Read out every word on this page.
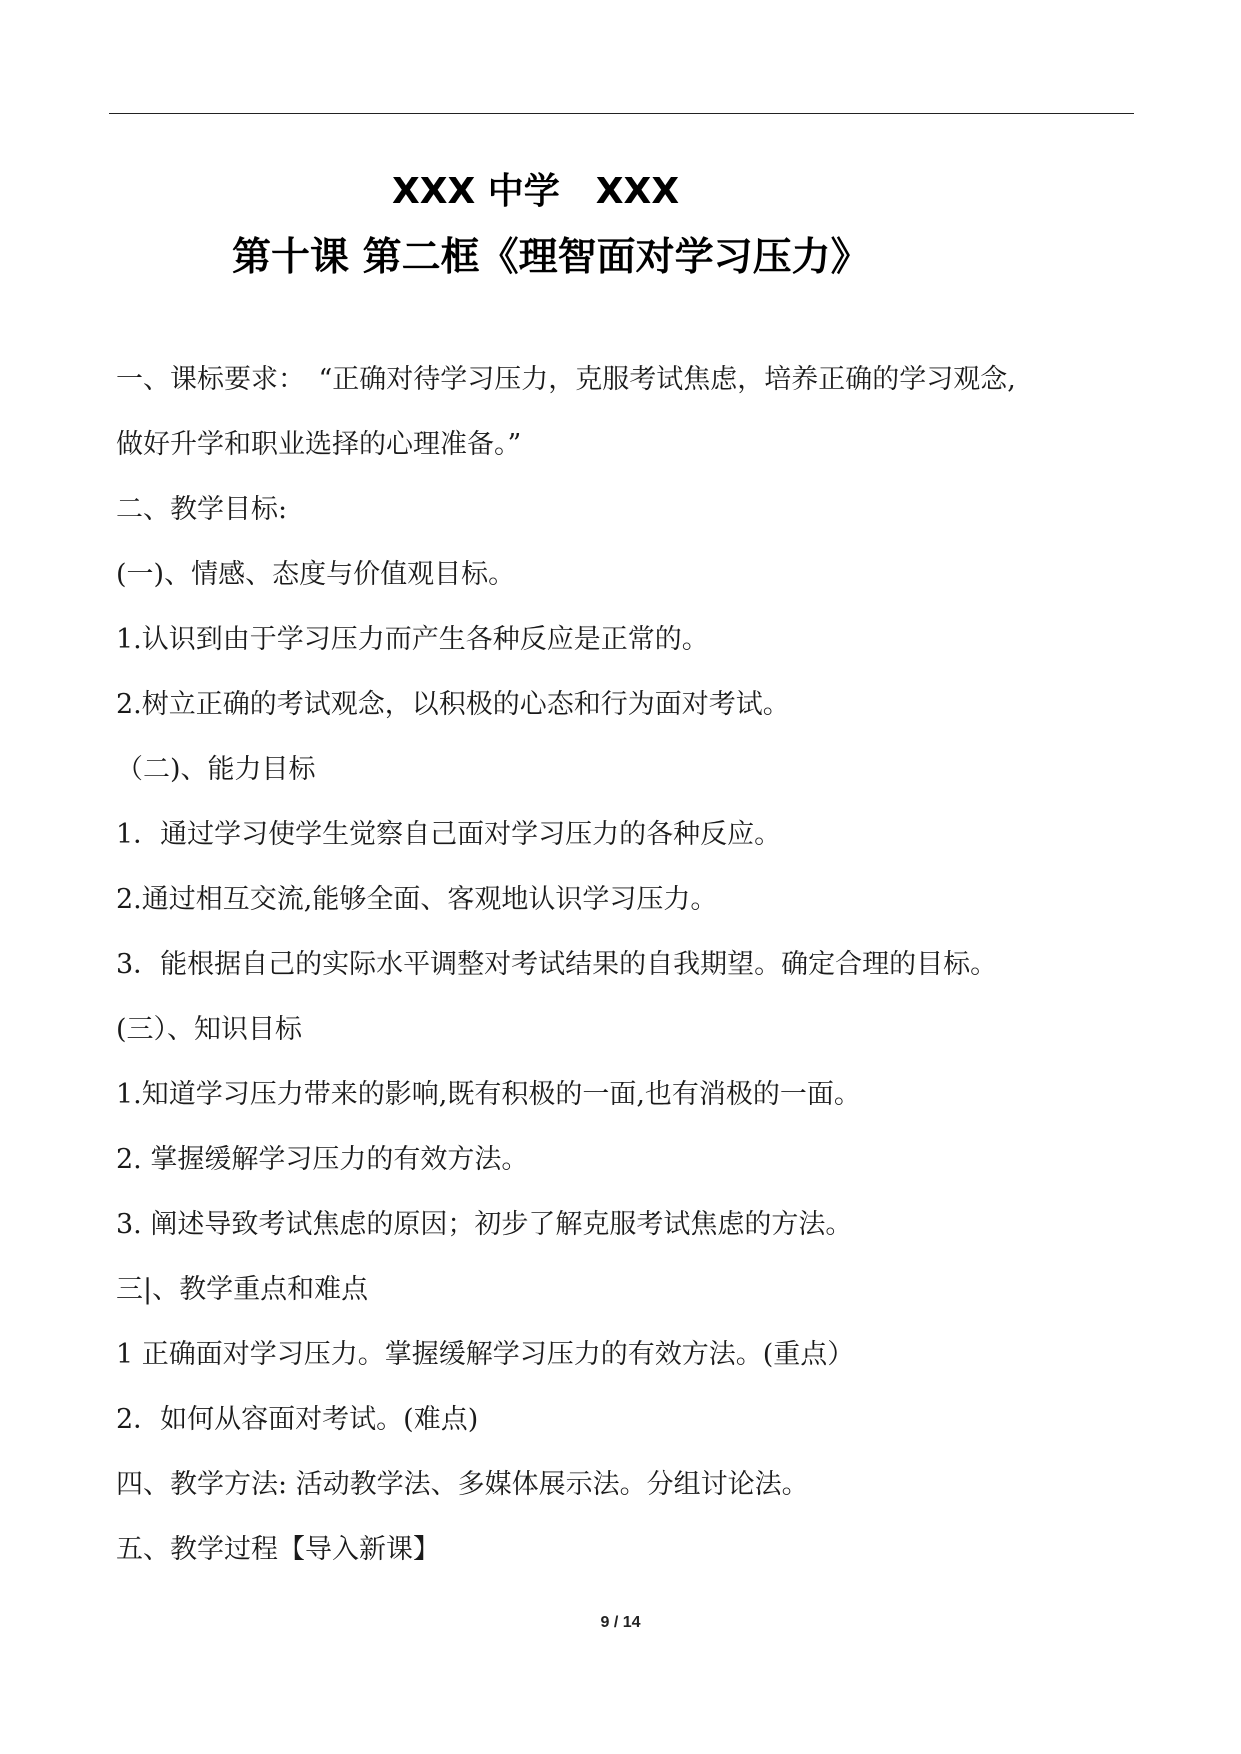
XXX 中学　XXX
第十课 第二框《理智面对学习压力》
一、课标要求：　“正确对待学习压力，克服考试焦虑，培养正确的学习观念,
做好升学和职业选择的心理准备。”
二、教学目标:
(一)、情感、态度与价值观目标。
1.认识到由于学习压力而产生各种反应是正常的。
2.树立正确的考试观念，以积极的心态和行为面对考试。
（二)、能力目标
1．通过学习使学生觉察自己面对学习压力的各种反应。
2.通过相互交流,能够全面、客观地认识学习压力。
3．能根据自己的实际水平调整对考试结果的自我期望。确定合理的目标。
(三）、知识目标
1.知道学习压力带来的影响,既有积极的一面,也有消极的一面。
2. 掌握缓解学习压力的有效方法。
3. 阐述导致考试焦虑的原因；初步了解克服考试焦虑的方法。
三|、教学重点和难点
1 正确面对学习压力。掌握缓解学习压力的有效方法。(重点）
2．如何从容面对考试。(难点)
四、教学方法: 活动教学法、多媒体展示法。分组讨论法。
五、教学过程【导入新课】
9 / 14
